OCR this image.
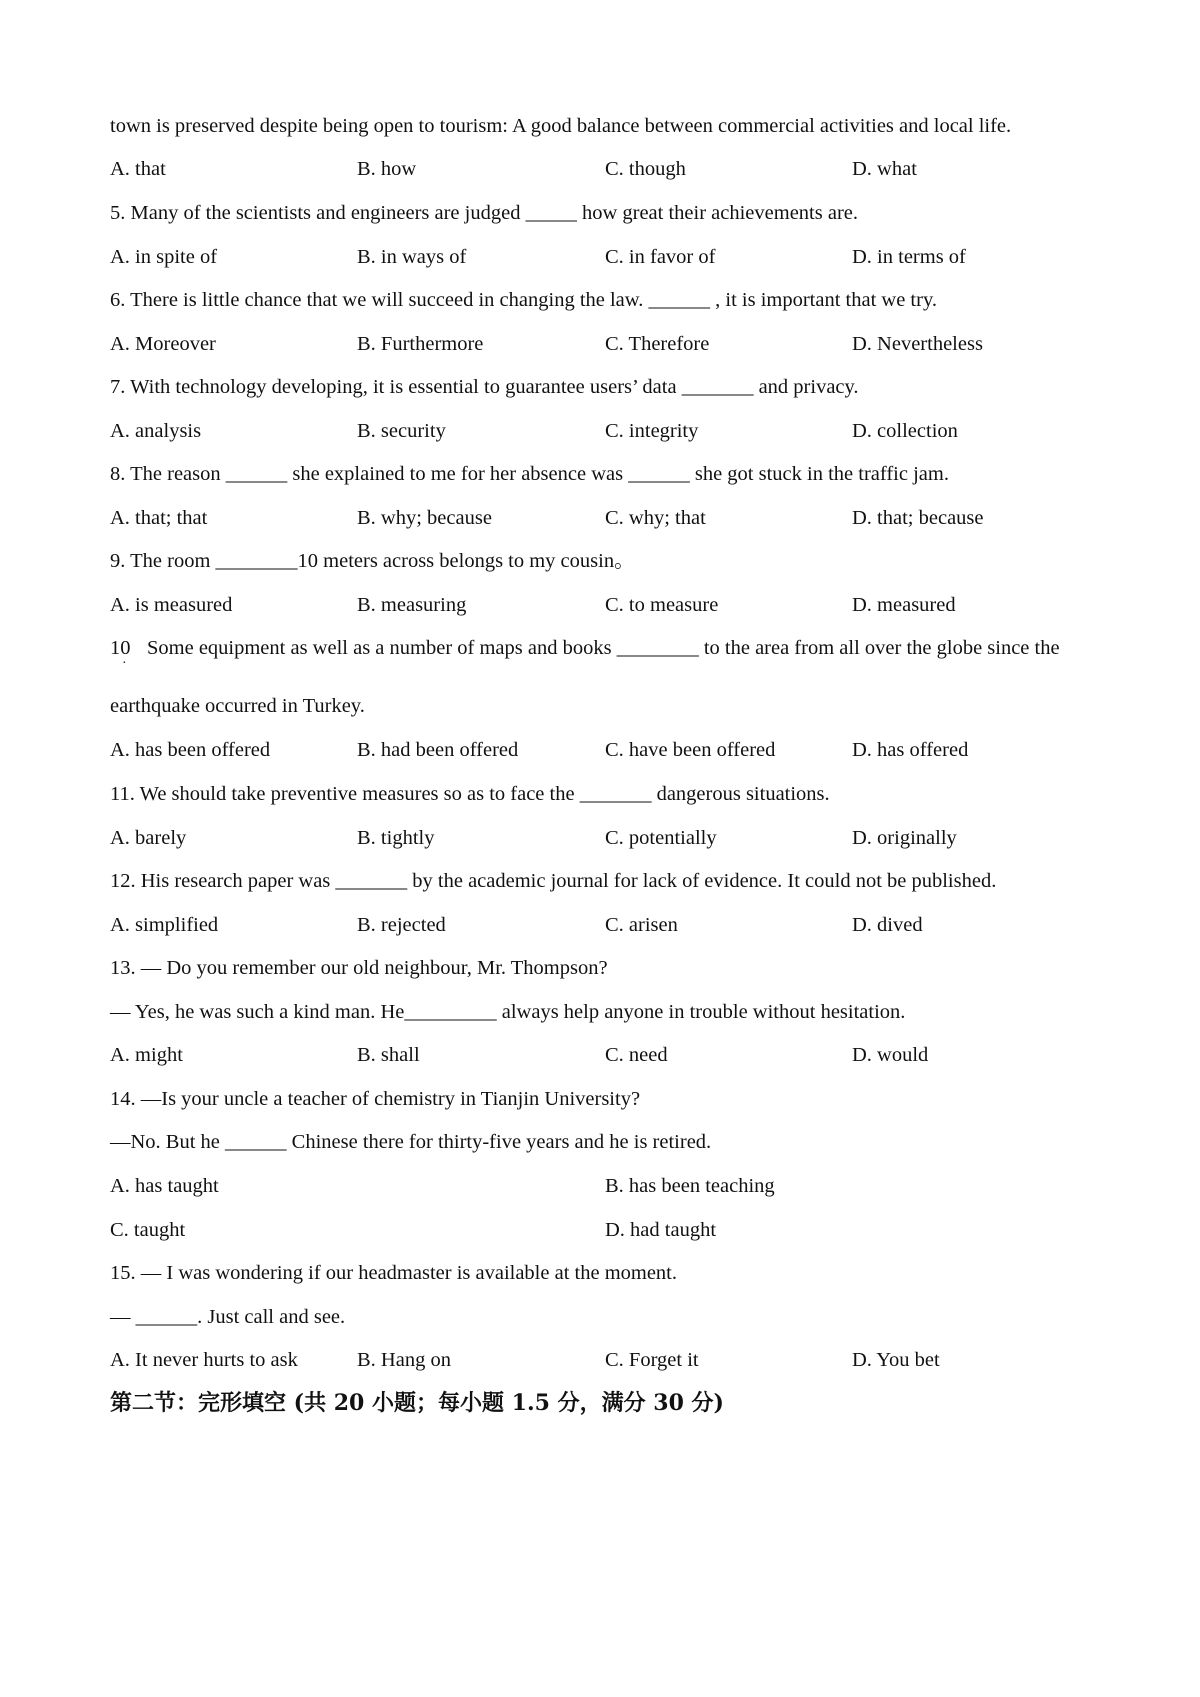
town is preserved despite being open to tourism: A good balance between commercial activities and local life.
A. that	B. how	C. though	D. what
5. Many of the scientists and engineers are judged _____ how great their achievements are.
A. in spite of	B. in ways of	C. in favor of	D. in terms of
6. There is little chance that we will succeed in changing the law. ______ , it is important that we try.
A. Moreover	B. Furthermore	C. Therefore	D. Nevertheless
7. With technology developing, it is essential to guarantee users’ data _______ and privacy.
A. analysis	B. security	C. integrity	D. collection
8. The reason ______ she explained to me for her absence was ______ she got stuck in the traffic jam.
A. that; that	B. why; because	C. why; that	D. that; because
9. The room ________10 meters across belongs to my cousin。
A. is measured	B. measuring	C. to measure	D. measured
10 Some equipment as well as a number of maps and books ________ to the area from all over the globe since the
·
earthquake occurred in Turkey.
A. has been offered	B. had been offered	C. have been offered	D. has offered
11. We should take preventive measures so as to face the _______ dangerous situations.
A. barely	B. tightly	C. potentially	D. originally
12. His research paper was _______ by the academic journal for lack of evidence. It could not be published.
A. simplified	B. rejected	C. arisen	D. dived
13. — Do you remember our old neighbour, Mr. Thompson?
— Yes, he was such a kind man. He_________ always help anyone in trouble without hesitation.
A. might	B. shall	C. need	D. would
14. —Is your uncle a teacher of chemistry in Tianjin University?
—No. But he ______ Chinese there for thirty-five years and he is retired.
A. has taught	B. has been teaching
C. taught	D. had taught
15. — I was wondering if our headmaster is available at the moment.
— ______. Just call and see.
A. It never hurts to ask	B. Hang on	C. Forget it	D. You bet
第二节：完形填空 (共 20 小题；每小题 1.5 分，满分 30 分)
